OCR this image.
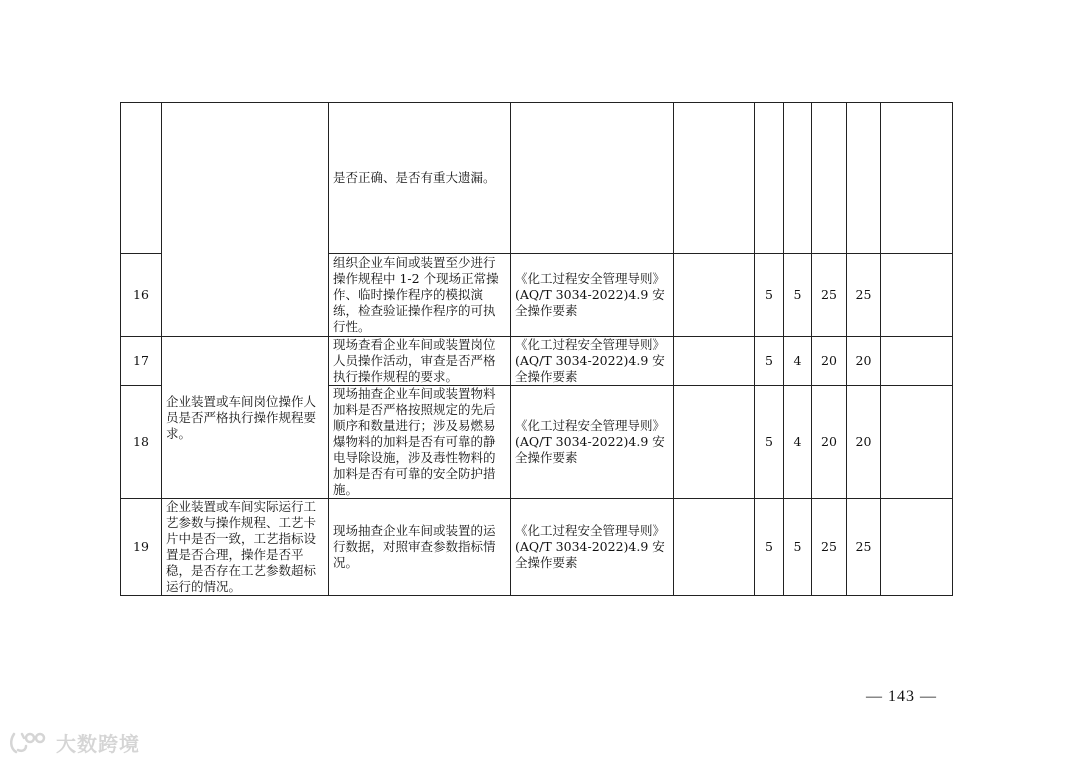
		是否正确、是否有重大遗漏。							
16		组织企业车间或装置至少进行操作规程中 1-2 个现场正常操作、临时操作程序的模拟演练，检查验证操作程序的可执行性。	《化工过程安全管理导则》(AQ/T 3034-2022)4.9 安全操作要素		5	5	25	25	
17	企业装置或车间岗位操作人员是否严格执行操作规程要求。	现场查看企业车间或装置岗位人员操作活动，审查是否严格执行操作规程的要求。	《化工过程安全管理导则》(AQ/T 3034-2022)4.9 安全操作要素		5	4	20	20	
18		现场抽查企业车间或装置物料加料是否严格按照规定的先后顺序和数量进行；涉及易燃易爆物料的加料是否有可靠的静电导除设施，涉及毒性物料的加料是否有可靠的安全防护措施。	《化工过程安全管理导则》(AQ/T 3034-2022)4.9 安全操作要素		5	4	20	20	
19	企业装置或车间实际运行工艺参数与操作规程、工艺卡片中是否一致，工艺指标设置是否合理，操作是否平稳，是否存在工艺参数超标运行的情况。	现场抽查企业车间或装置的运行数据，对照审查参数指标情况。	《化工过程安全管理导则》(AQ/T 3034-2022)4.9 安全操作要素		5	5	25	25	
— 143 —
大数跨境
